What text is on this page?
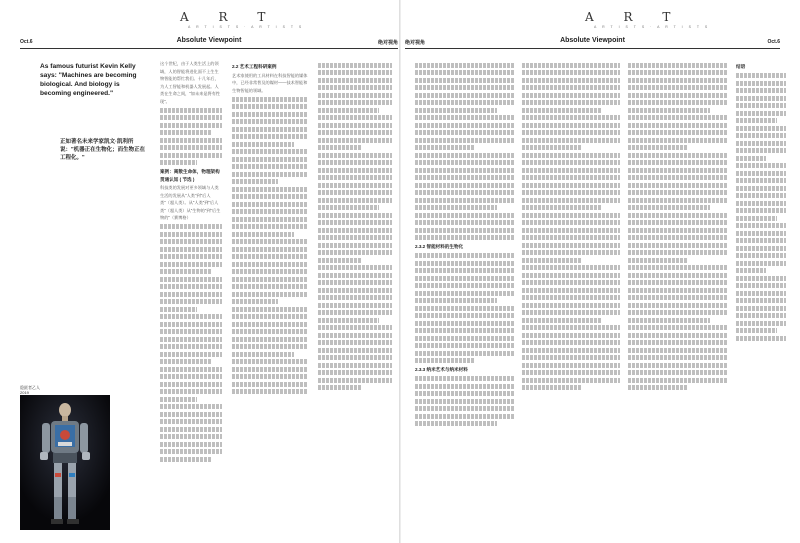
A R T	A R T
A R T I S T S · A R T I S T S	A R T I S T S · A R T I S T S
Oct.6	Absolute Viewpoint	绝对视角 绝对视角	Absolute Viewpoint	Oct.6
As famous futurist Kevin Kelly says: "Machines are becoming biological. And biology is becoming engineered."
正如著名未来学家凯文·凯利所说："机器正在生物化；而生物正在工程化。"
隐匿者乙人
2019
这个世纪，由于人类生活上的领域，人的智能将进化面不上生生物智能的帮忙我们。十几年后，为人工智能和机器人发展起。人类在生命之间，"如未来是将有性现"。
案例：离散生命体，物理架构贯通认知 ( 节选 )
科技类的发展对更多领域与人类生活的发展从"人类"到"后人类"（超人类）。从"人类"到"后人类"（超人类）从"生物的"到"后生物的"（赛博格）
2.2 艺术工程科研案例
艺术家使用的工具材料在科技智能的媒体中，已经非常普及的媒材——技术智能和生物智能的领域。
2.3.2 智能材料的生物化
2.3.3 纳米艺术与纳米材料
结语
